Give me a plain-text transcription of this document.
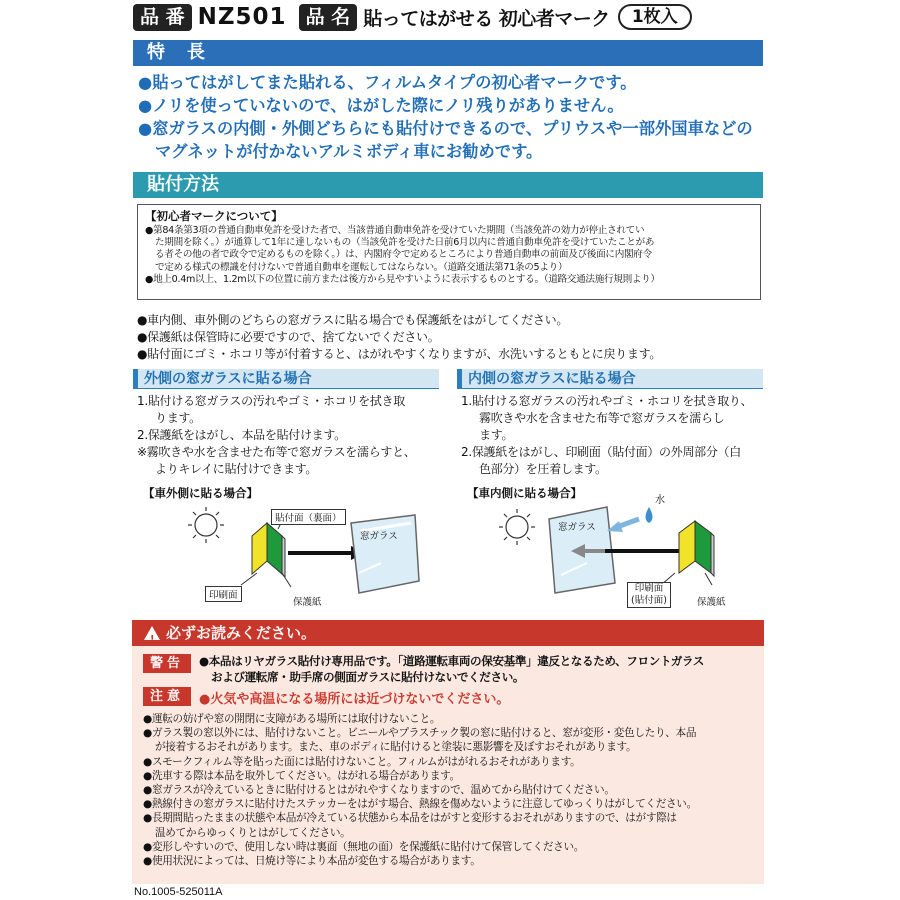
品 番 NZ501	品 名 貼ってはがせる 初心者マーク	1枚入
特　長

●貼ってはがしてまた貼れる、フィルムタイプの初心者マークです。

●ノリを使っていないので、はがした際にノリ残りがありません。

●窓ガラスの内側・外側どちらにも貼付けできるので、プリウスや一部外国車などの

マグネットが付かないアルミボディ車にお勧めです。

貼付方法
【初心者マークについて】

●第84条第3項の普通自動車免許を受けた者で、当該普通自動車免許を受けていた期間（当該免許の効力が停止されてい

た期間を除く。）が通算して1年に達しないもの（当該免許を受けた日前6月以内に普通自動車免許を受けていたことがあ

る者その他の者で政令で定めるものを除く。）は、内閣府令で定めるところにより普通自動車の前面及び後面に内閣府令

で定める様式の標識を付けないで普通自動車を運転してはならない。（道路交通法第71条の5より）

●地上0.4m以上、1.2m以下の位置に前方または後方から見やすいように表示するものとする。（道路交通法施行規則より）

●車内側、車外側のどちらの窓ガラスに貼る場合でも保護紙をはがしてください。

●保護紙は保管時に必要ですので、捨てないでください。

●貼付面にゴミ・ホコリ等が付着すると、はがれやすくなりますが、水洗いするともとに戻ります。

外側の窓ガラスに貼る場合

1.貼付ける窓ガラスの汚れやゴミ・ホコリを拭き取

ります。

2.保護紙をはがし、本品を貼付けます。

※霧吹きや水を含ませた布等で窓ガラスを濡らすと、

よりキレイに貼付けできます。

【車外側に貼る場合】
貼付面（裏面）
窓ガラス
印刷面
保護紙
内側の窓ガラスに貼る場合

1.貼付ける窓ガラスの汚れやゴミ・ホコリを拭き取り、

霧吹きや水を含ませた布等で窓ガラスを濡らし

ます。

2.保護紙をはがし、印刷面（貼付面）の外周部分（白

色部分）を圧着します。

【車内側に貼る場合】
水
窓ガラス
印刷面
(貼付面)	保護紙
!必ずお読みください。
警告	●本品はリヤガラス貼付け専用品です。「道路運転車両の保安基準」違反となるため、フロントガラス
および運転席・助手席の側面ガラスに貼付けないでください。
注意	●火気や高温になる場所には近づけないでください。

●運転の妨げや窓の開閉に支障がある場所には取付けないこと。

●ガラス製の窓以外には、貼付けないこと。ビニールやプラスチック製の窓に貼付けると、窓が変形・変色したり、本品

が接着するおそれがあります。また、車のボディに貼付けると塗装に悪影響を及ぼすおそれがあります。

●スモークフィルム等を貼った面には貼付けないこと。フィルムがはがれるおそれがあります。

●洗車する際は本品を取外してください。はがれる場合があります。

●窓ガラスが冷えているときに貼付けるとはがれやすくなりますので、温めてから貼付けてください。

●熱線付きの窓ガラスに貼付けたステッカーをはがす場合、熱線を傷めないように注意してゆっくりはがしてください。

●長期間貼ったままの状態や本品が冷えている状態から本品をはがすと変形するおそれがありますので、はがす際は

温めてからゆっくりとはがしてください。

●変形しやすいので、使用しない時は裏面（無地の面）を保護紙に貼付けて保管してください。

●使用状況によっては、日焼け等により本品が変色する場合があります。

No.1005-525011A
